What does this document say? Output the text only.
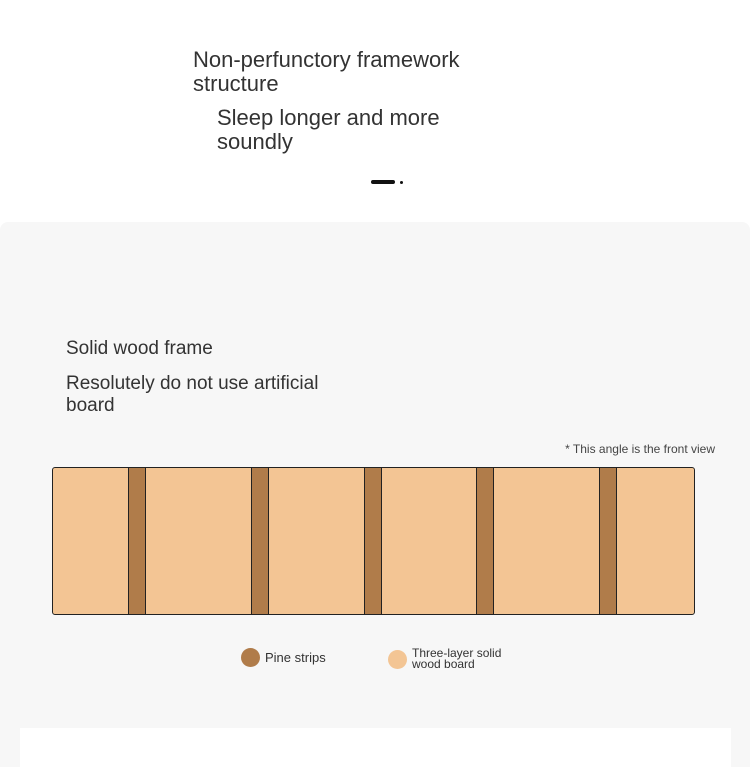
Non-perfunctory framework structure
Sleep longer and more soundly
Solid wood frame
Resolutely do not use artificial board
* This angle is the front view
Pine strips	Three-layer solid wood board
